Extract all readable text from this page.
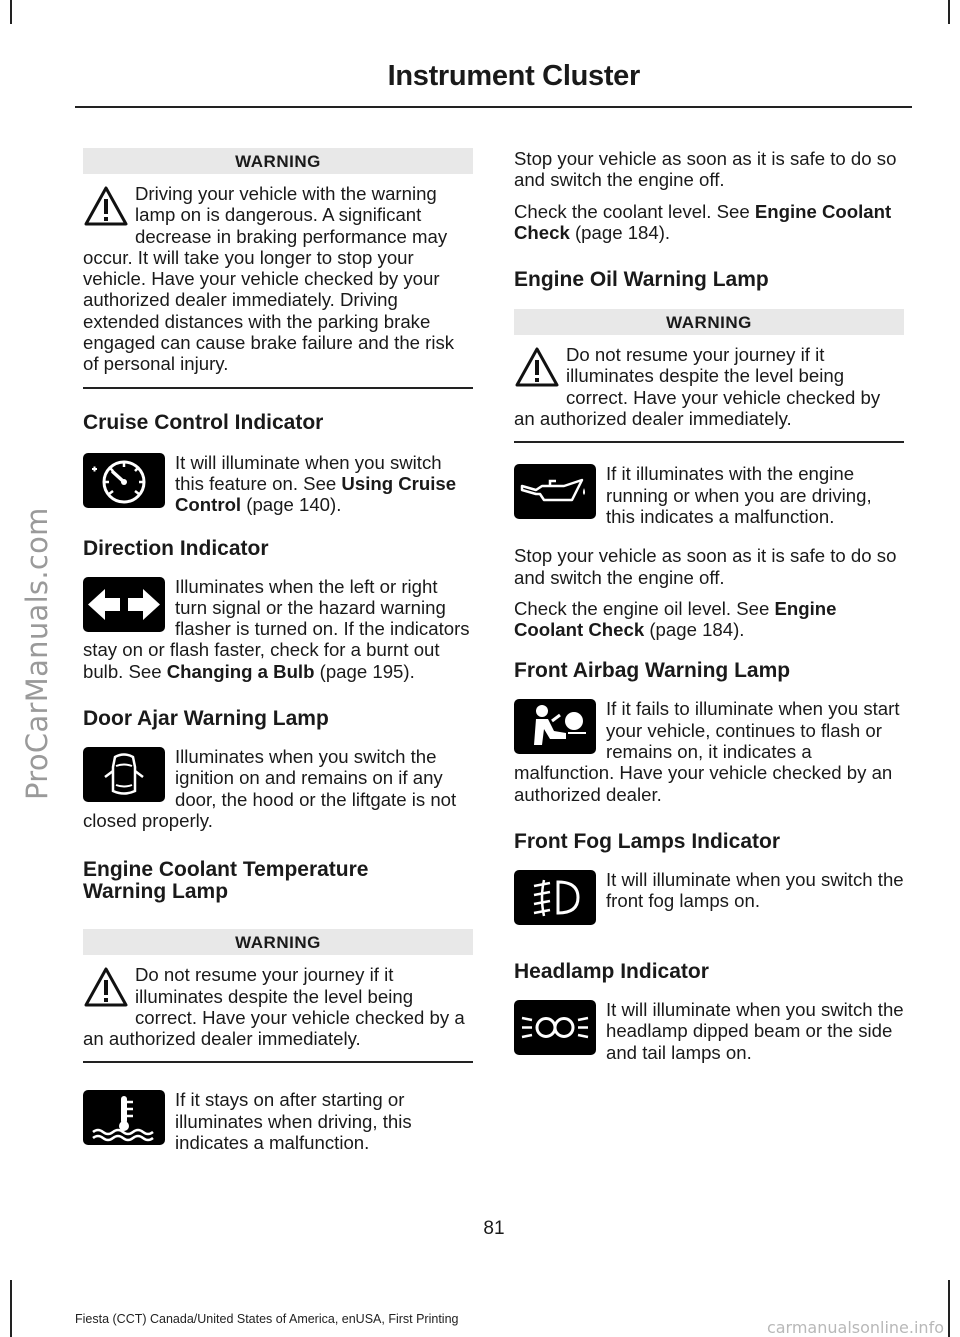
ProCarManuals.com
Instrument Cluster
WARNING

Driving your vehicle with the warning lamp on is dangerous. A significant decrease in braking performance may occur. It will take you longer to stop your vehicle. Have your vehicle checked by your authorized dealer immediately. Driving extended distances with the parking brake engaged can cause brake failure and the risk of personal injury.

Cruise Control Indicator

It will illuminate when you switch this feature on. See Using Cruise Control (page 140).

Direction Indicator

Illuminates when the left or right turn signal or the hazard warning flasher is turned on. If the indicators stay on or flash faster, check for a burnt out bulb. See Changing a Bulb (page 195).

Door Ajar Warning Lamp

Illuminates when you switch the ignition on and remains on if any door, the hood or the liftgate is not closed properly.

Engine Coolant Temperature Warning Lamp
WARNING

Do not resume your journey if it illuminates despite the level being correct. Have your vehicle checked by a an authorized dealer immediately.

If it stays on after starting or illuminates when driving, this indicates a malfunction.

Stop your vehicle as soon as it is safe to do so and switch the engine off.

Check the coolant level. See Engine Coolant Check (page 184).

Engine Oil Warning Lamp
WARNING

Do not resume your journey if it illuminates despite the level being correct. Have your vehicle checked by an authorized dealer immediately.

If it illuminates with the engine running or when you are driving, this indicates a malfunction.

Stop your vehicle as soon as it is safe to do so and switch the engine off.

Check the engine oil level. See Engine Coolant Check (page 184).

Front Airbag Warning Lamp

If it fails to illuminate when you start your vehicle, continues to flash or remains on, it indicates a malfunction. Have your vehicle checked by an authorized dealer.

Front Fog Lamps Indicator

It will illuminate when you switch the front fog lamps on.

Headlamp Indicator

It will illuminate when you switch the headlamp dipped beam or the side and tail lamps on.

81
Fiesta (CCT) Canada/United States of America, enUSA, First Printing	carmanualsonline.info
